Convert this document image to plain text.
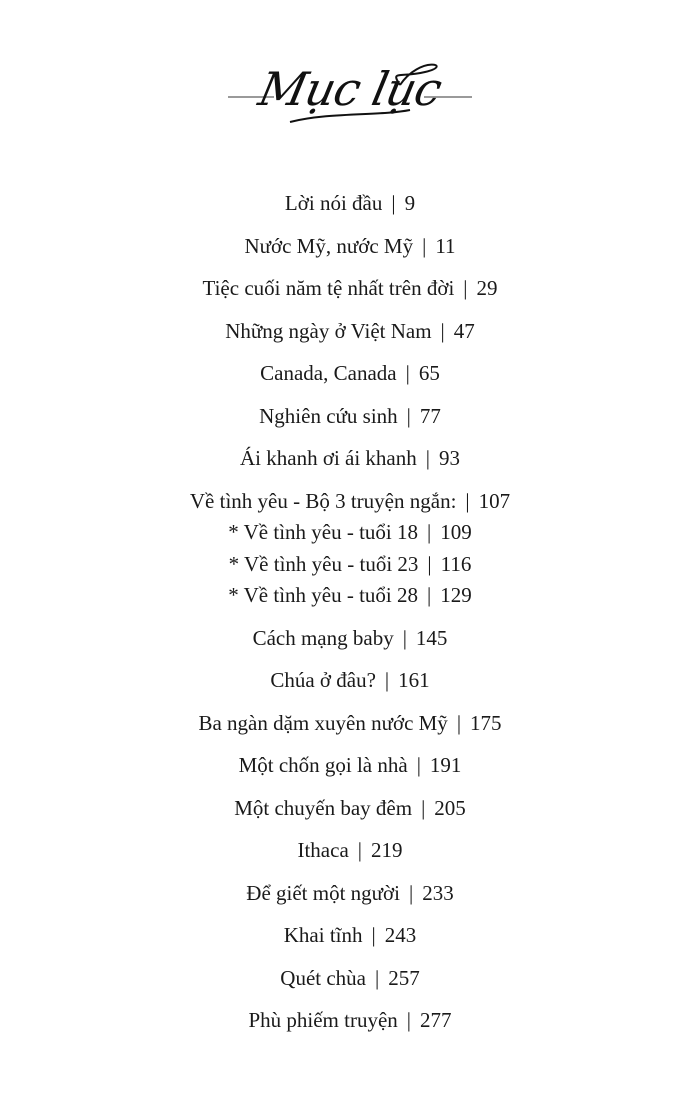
Mục lục
Lời nói đầu | 9
Nước Mỹ, nước Mỹ | 11
Tiệc cuối năm tệ nhất trên đời | 29
Những ngày ở Việt Nam | 47
Canada, Canada | 65
Nghiên cứu sinh | 77
Ái khanh ơi ái khanh | 93
Về tình yêu - Bộ 3 truyện ngắn: | 107
* Về tình yêu - tuổi 18 | 109
* Về tình yêu - tuổi 23 | 116
* Về tình yêu - tuổi 28 | 129
Cách mạng baby | 145
Chúa ở đâu? | 161
Ba ngàn dặm xuyên nước Mỹ | 175
Một chốn gọi là nhà | 191
Một chuyến bay đêm | 205
Ithaca | 219
Để giết một người | 233
Khai tĩnh | 243
Quét chùa | 257
Phù phiếm truyện | 277
